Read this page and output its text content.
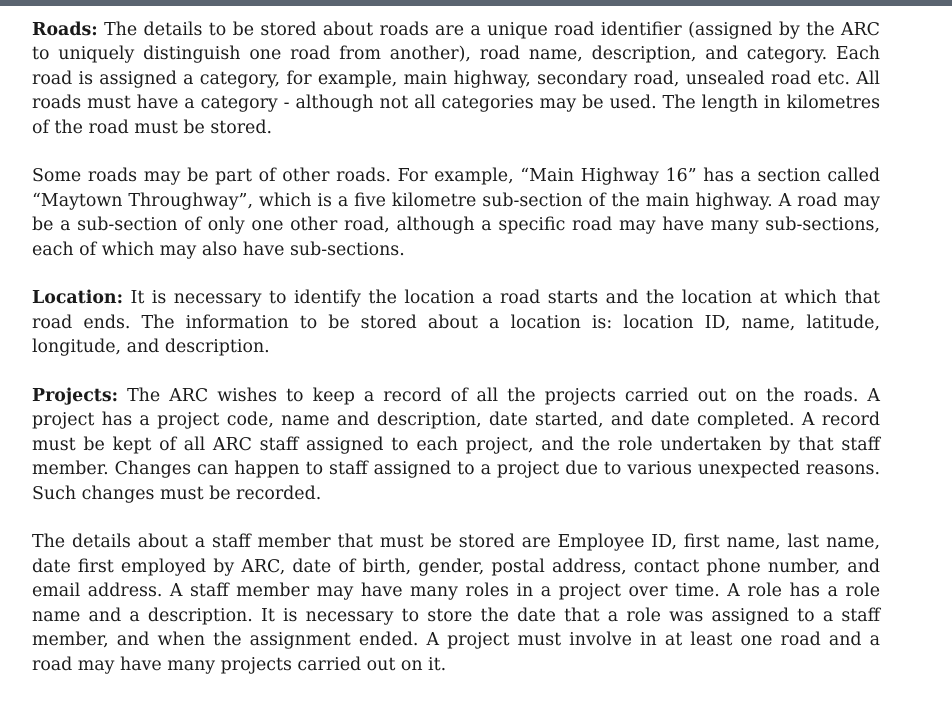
Roads: The details to be stored about roads are a unique road identifier (assigned by the ARC to uniquely distinguish one road from another), road name, description, and category. Each road is assigned a category, for example, main highway, secondary road, unsealed road etc. All roads must have a category - although not all categories may be used. The length in kilometres of the road must be stored.

Some roads may be part of other roads. For example, “Main Highway 16” has a section called “Maytown Throughway”, which is a five kilometre sub-section of the main highway. A road may be a sub-section of only one other road, although a specific road may have many sub-sections, each of which may also have sub-sections.

Location: It is necessary to identify the location a road starts and the location at which that road ends. The information to be stored about a location is: location ID, name, latitude, longitude, and description.

Projects: The ARC wishes to keep a record of all the projects carried out on the roads. A project has a project code, name and description, date started, and date completed. A record must be kept of all ARC staff assigned to each project, and the role undertaken by that staff member. Changes can happen to staff assigned to a project due to various unexpected reasons. Such changes must be recorded.

The details about a staff member that must be stored are Employee ID, first name, last name, date first employed by ARC, date of birth, gender, postal address, contact phone number, and email address. A staff member may have many roles in a project over time. A role has a role name and a description. It is necessary to store the date that a role was assigned to a staff member, and when the assignment ended. A project must involve in at least one road and a road may have many projects carried out on it.
